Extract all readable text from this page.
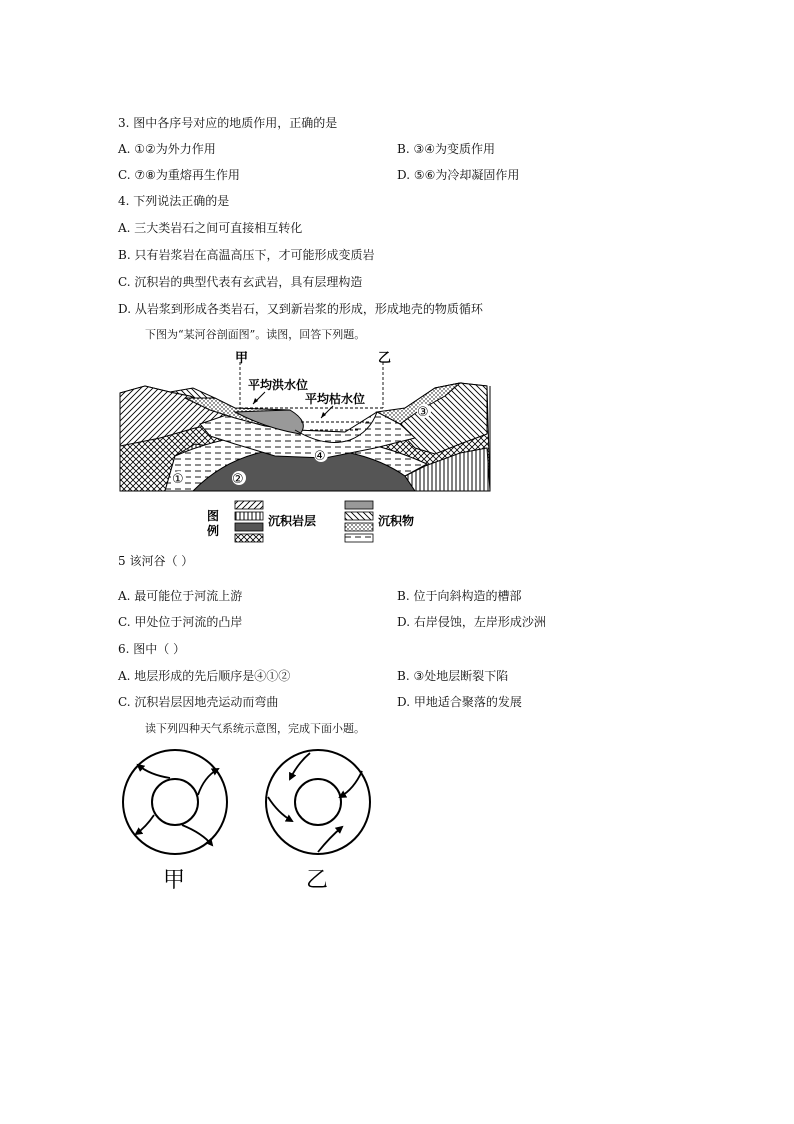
3. 图中各序号对应的地质作用，正确的是
A. ①②为外力作用	B. ③④为变质作用
C. ⑦⑧为重熔再生作用	D. ⑤⑥为冷却凝固作用
4. 下列说法正确的是
A. 三大类岩石之间可直接相互转化
B. 只有岩浆岩在高温高压下，才可能形成变质岩
C. 沉积岩的典型代表有玄武岩，具有层理构造
D. 从岩浆到形成各类岩石，又到新岩浆的形成，形成地壳的物质循环
下图为“某河谷剖面图”。读图，回答下列题。
甲	乙
平均洪水位
平均枯水位
①	②
③
④
图
例
沉积岩层	沉积物
5 该河谷（ ）
A. 最可能位于河流上游	B. 位于向斜构造的槽部
C. 甲处位于河流的凸岸	D. 右岸侵蚀，左岸形成沙洲
6. 图中（ ）
A. 地层形成的先后顺序是④①②	B. ③处地层断裂下陷
C. 沉积岩层因地壳运动而弯曲	D. 甲地适合聚落的发展
读下列四种天气系统示意图，完成下面小题。
甲	乙
